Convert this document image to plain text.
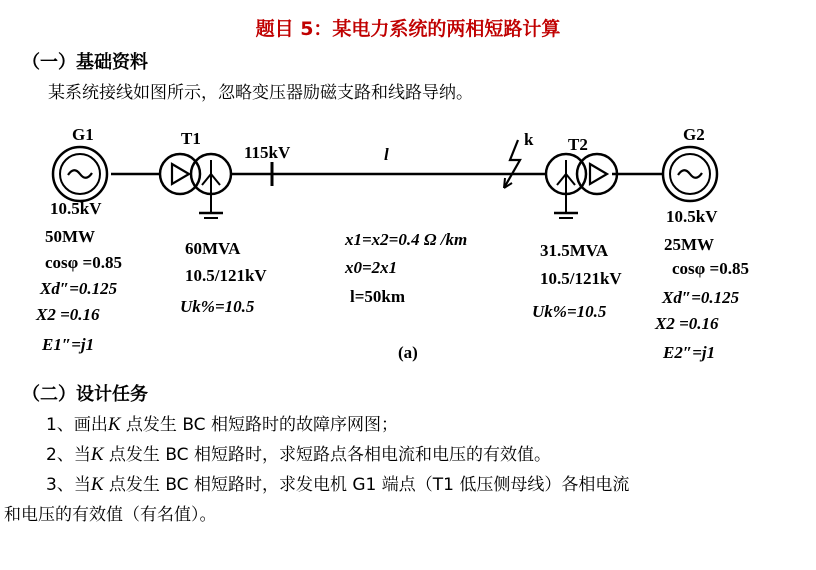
题目 5：某电力系统的两相短路计算
（一）基础资料
某系统接线如图所示，忽略变压器励磁支路和线路导纳。
G1	T1
115kV	l
k T2
G2
10.5kV
50MW
cosφ =0.85
Xd″=0.125
X2 =0.16
E1″=j1
60MVA
10.5/121kV
Uk%=10.5
x1=x2=0.4 Ω /km
x0=2x1
l=50km
(a)
31.5MVA
10.5/121kV
Uk%=10.5
10.5kV
25MW
cosφ =0.85
Xd″=0.125
X2 =0.16
E2″=j1
（二）设计任务
1、画出K 点发生 BC 相短路时的故障序网图；
2、当K 点发生 BC 相短路时，求短路点各相电流和电压的有效值。
3、当K 点发生 BC 相短路时，求发电机 G1 端点（T1 低压侧母线）各相电流
和电压的有效值（有名值）。
